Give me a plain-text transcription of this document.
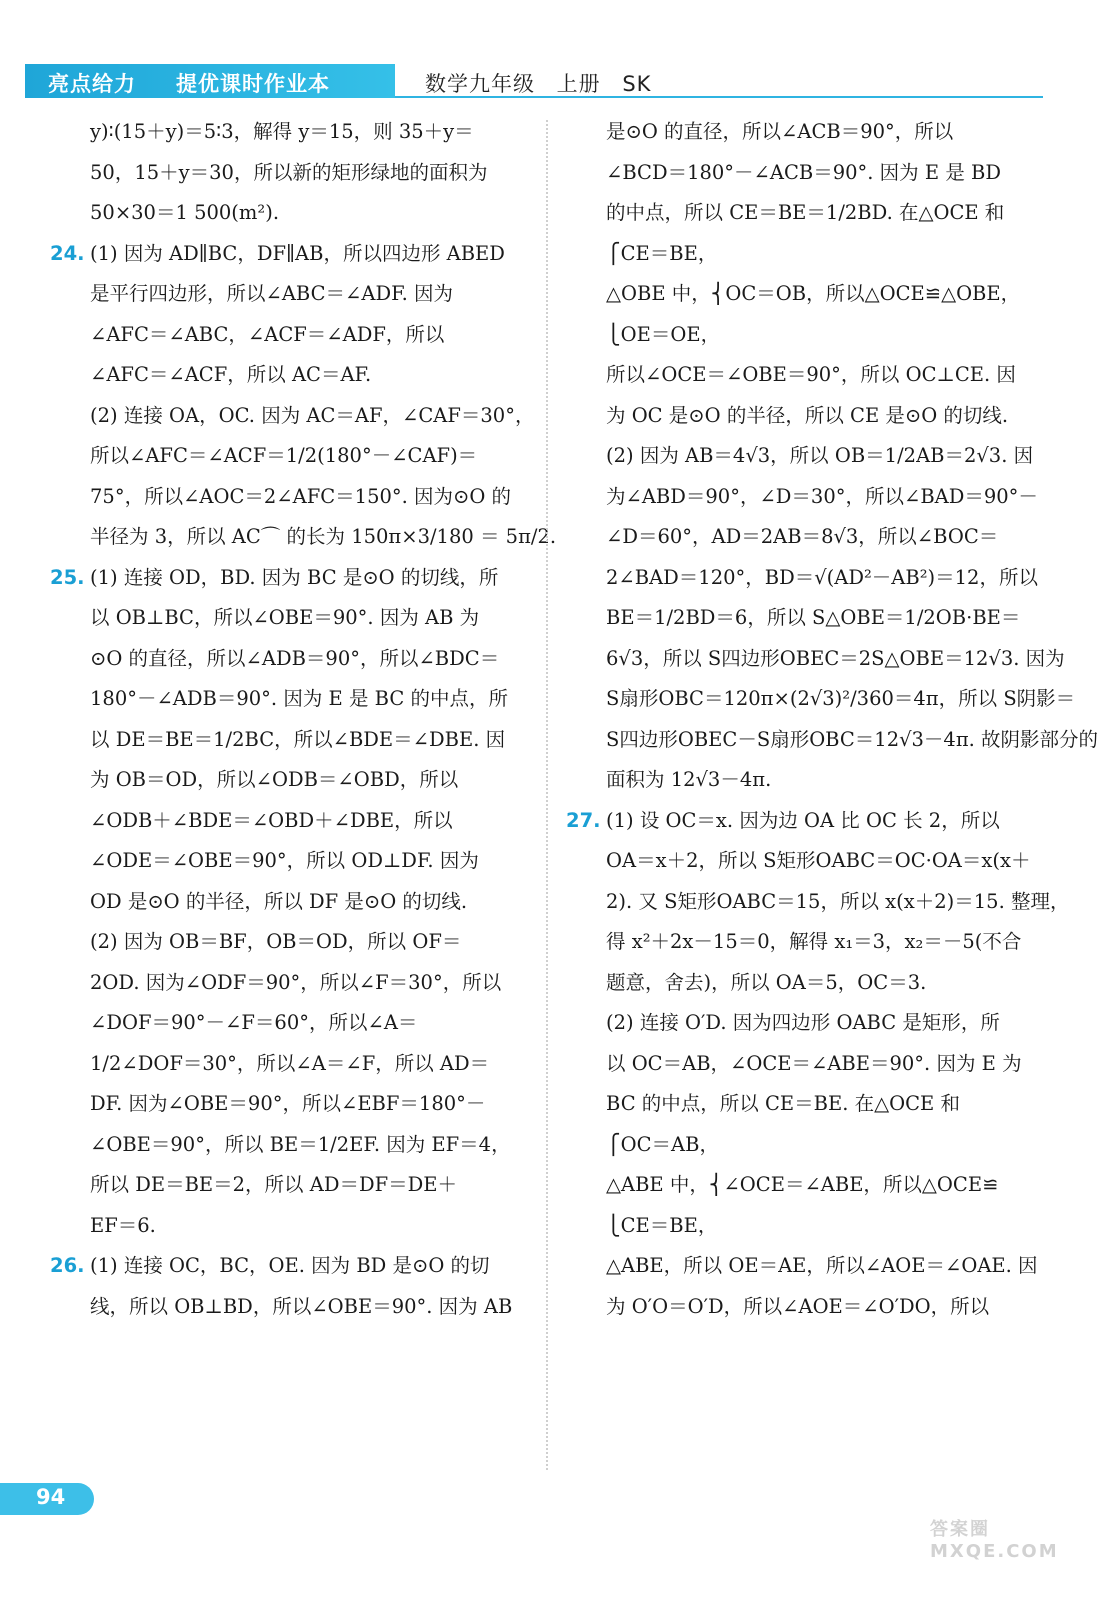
亮点给力 提优课时作业本	数学九年级 上册 SK
y)∶(15＋y)＝5∶3，解得 y＝15，则 35＋y＝
50，15＋y＝30，所以新的矩形绿地的面积为
50×30＝1 500(m²).
24. (1) 因为 AD∥BC，DF∥AB，所以四边形 ABED
是平行四边形，所以∠ABC＝∠ADF. 因为
∠AFC＝∠ABC，∠ACF＝∠ADF，所以
∠AFC＝∠ACF，所以 AC＝AF.
(2) 连接 OA，OC. 因为 AC＝AF，∠CAF＝30°，
所以∠AFC＝∠ACF＝1/2(180°－∠CAF)＝
75°，所以∠AOC＝2∠AFC＝150°. 因为⊙O 的
半径为 3，所以 AC⌒ 的长为 150π×3/180 ＝ 5π/2.
25. (1) 连接 OD，BD. 因为 BC 是⊙O 的切线，所
以 OB⊥BC，所以∠OBE＝90°. 因为 AB 为
⊙O 的直径，所以∠ADB＝90°，所以∠BDC＝
180°－∠ADB＝90°. 因为 E 是 BC 的中点，所
以 DE＝BE＝1/2BC，所以∠BDE＝∠DBE. 因
为 OB＝OD，所以∠ODB＝∠OBD，所以
∠ODB＋∠BDE＝∠OBD＋∠DBE，所以
∠ODE＝∠OBE＝90°，所以 OD⊥DF. 因为
OD 是⊙O 的半径，所以 DF 是⊙O 的切线.
(2) 因为 OB＝BF，OB＝OD，所以 OF＝
2OD. 因为∠ODF＝90°，所以∠F＝30°，所以
∠DOF＝90°－∠F＝60°，所以∠A＝
1/2∠DOF＝30°，所以∠A＝∠F，所以 AD＝
DF. 因为∠OBE＝90°，所以∠EBF＝180°－
∠OBE＝90°，所以 BE＝1/2EF. 因为 EF＝4，
所以 DE＝BE＝2，所以 AD＝DF＝DE＋
EF＝6.
26. (1) 连接 OC，BC，OE. 因为 BD 是⊙O 的切
线，所以 OB⊥BD，所以∠OBE＝90°. 因为 AB
是⊙O 的直径，所以∠ACB＝90°，所以
∠BCD＝180°－∠ACB＝90°. 因为 E 是 BD
的中点，所以 CE＝BE＝1/2BD. 在△OCE 和
⎧CE＝BE，
△OBE 中，⎨OC＝OB，所以△OCE≌△OBE，
⎩OE＝OE，
所以∠OCE＝∠OBE＝90°，所以 OC⊥CE. 因
为 OC 是⊙O 的半径，所以 CE 是⊙O 的切线.
(2) 因为 AB＝4√3，所以 OB＝1/2AB＝2√3. 因
为∠ABD＝90°，∠D＝30°，所以∠BAD＝90°－
∠D＝60°，AD＝2AB＝8√3，所以∠BOC＝
2∠BAD＝120°，BD＝√(AD²－AB²)＝12，所以
BE＝1/2BD＝6，所以 S△OBE＝1/2OB·BE＝
6√3，所以 S四边形OBEC＝2S△OBE＝12√3. 因为
S扇形OBC＝120π×(2√3)²/360＝4π，所以 S阴影＝
S四边形OBEC－S扇形OBC＝12√3－4π. 故阴影部分的
面积为 12√3－4π.
27. (1) 设 OC＝x. 因为边 OA 比 OC 长 2，所以
OA＝x＋2，所以 S矩形OABC＝OC·OA＝x(x＋
2). 又 S矩形OABC＝15，所以 x(x＋2)＝15. 整理，
得 x²＋2x－15＝0，解得 x₁＝3，x₂＝－5(不合
题意，舍去)，所以 OA＝5，OC＝3.
(2) 连接 O′D. 因为四边形 OABC 是矩形，所
以 OC＝AB，∠OCE＝∠ABE＝90°. 因为 E 为
BC 的中点，所以 CE＝BE. 在△OCE 和
⎧OC＝AB，
△ABE 中，⎨∠OCE＝∠ABE，所以△OCE≌
⎩CE＝BE，
△ABE，所以 OE＝AE，所以∠AOE＝∠OAE. 因
为 O′O＝O′D，所以∠AOE＝∠O′DO，所以
94
答案圈 MXQE.COM
